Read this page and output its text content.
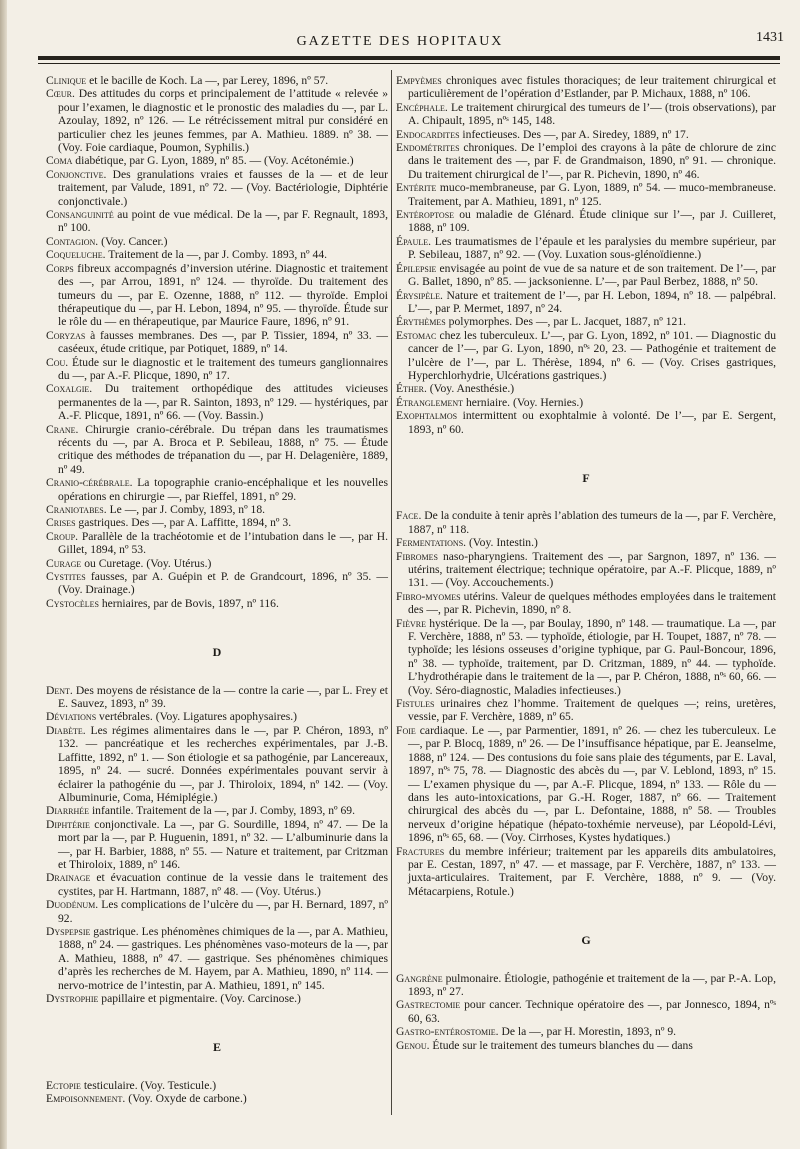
GAZETTE DES HOPITAUX	1431

Clinique et le bacille de Koch. La —, par Lerey, 1896, nº 57.

Cœur. Des attitudes du corps et principalement de l’attitude « relevée » pour l’examen, le diagnostic et le pronostic des maladies du —, par L. Azoulay, 1892, nº 126. — Le rétrécissement mitral pur considéré en particulier chez les jeunes femmes, par A. Mathieu. 1889. nº 38. — (Voy. Foie cardiaque, Poumon, Syphilis.)

Coma diabétique, par G. Lyon, 1889, nº 85. — (Voy. Acétonémie.)

Conjonctive. Des granulations vraies et fausses de la — et de leur traitement, par Valude, 1891, nº 72. — (Voy. Bactériologie, Diphtérie conjonctivale.)

Consanguinité au point de vue médical. De la —, par F. Regnault, 1893, nº 100.

Contagion. (Voy. Cancer.)

Coqueluche. Traitement de la —, par J. Comby. 1893, nº 44.

Corps fibreux accompagnés d’inversion utérine. Diagnostic et traitement des —, par Arrou, 1891, nº 124. — thyroïde. Du traitement des tumeurs du —, par E. Ozenne, 1888, nº 112. — thyroïde. Emploi thérapeutique du —, par H. Lebon, 1894, nº 95. — thyroïde. Étude sur le rôle du — en thérapeutique, par Maurice Faure, 1896, nº 91.

Coryzas à fausses membranes. Des —, par P. Tissier, 1894, nº 33. — caséeux, étude critique, par Potiquet, 1889, nº 14.

Cou. Étude sur le diagnostic et le traitement des tumeurs ganglionnaires du —, par A.-F. Plicque, 1890, nº 17.

Coxalgie. Du traitement orthopédique des attitudes vicieuses permanentes de la —, par R. Sainton, 1893, nº 129. — hystériques, par A.-F. Plicque, 1891, nº 66. — (Voy. Bassin.)

Crane. Chirurgie cranio-cérébrale. Du trépan dans les traumatismes récents du —, par A. Broca et P. Sebileau, 1888, nº 75. — Étude critique des méthodes de trépanation du —, par H. Delagenière, 1889, nº 49.

Cranio-cérébrale. La topographie cranio-encéphalique et les nouvelles opérations en chirurgie —, par Rieffel, 1891, nº 29.

Craniotabes. Le —, par J. Comby, 1893, nº 18.

Crises gastriques. Des —, par A. Laffitte, 1894, nº 3.

Croup. Parallèle de la trachéotomie et de l’intubation dans le —, par H. Gillet, 1894, nº 53.

Curage ou Curetage. (Voy. Utérus.)

Cystites fausses, par A. Guépin et P. de Grandcourt, 1896, nº 35. — (Voy. Drainage.)

Cystocèles herniaires, par de Bovis, 1897, nº 116.

D

Dent. Des moyens de résistance de la — contre la carie —, par L. Frey et E. Sauvez, 1893, nº 39.

Déviations vertébrales. (Voy. Ligatures apophysaires.)

Diabète. Les régimes alimentaires dans le —, par P. Chéron, 1893, nº 132. — pancréatique et les recherches expérimentales, par J.-B. Laffitte, 1892, nº 1. — Son étiologie et sa pathogénie, par Lancereaux, 1895, nº 24. — sucré. Données expérimentales pouvant servir à éclairer la pathogénie du —, par J. Thiroloix, 1894, nº 142. — (Voy. Albuminurie, Coma, Hémiplégie.)

Diarrhée infantile. Traitement de la —, par J. Comby, 1893, nº 69.

Diphtérie conjonctivale. La —, par G. Sourdille, 1894, nº 47. — De la mort par la —, par P. Huguenin, 1891, nº 32. — L’albuminurie dans la —, par H. Barbier, 1888, nº 55. — Nature et traitement, par Critzman et Thiroloix, 1889, nº 146.

Drainage et évacuation continue de la vessie dans le traitement des cystites, par H. Hartmann, 1887, nº 48. — (Voy. Utérus.)

Duodénum. Les complications de l’ulcère du —, par H. Bernard, 1897, nº 92.

Dyspepsie gastrique. Les phénomènes chimiques de la —, par A. Mathieu, 1888, nº 24. — gastriques. Les phénomènes vaso-moteurs de la —, par A. Mathieu, 1888, nº 47. — gastrique. Ses phénomènes chimiques d’après les recherches de M. Hayem, par A. Mathieu, 1890, nº 114. — nervo-motrice de l’intestin, par A. Mathieu, 1891, nº 145.

Dystrophie papillaire et pigmentaire. (Voy. Carcinose.)

E

Ectopie testiculaire. (Voy. Testicule.)

Empoisonnement. (Voy. Oxyde de carbone.)

Empyèmes chroniques avec fistules thoraciques; de leur traitement chirurgical et particulièrement de l’opération d’Estlander, par P. Michaux, 1888, nº 106.

Encéphale. Le traitement chirurgical des tumeurs de l’— (trois observations), par A. Chipault, 1895, nºˢ 145, 148.

Endocardites infectieuses. Des —, par A. Siredey, 1889, nº 17.

Endométrites chroniques. De l’emploi des crayons à la pâte de chlorure de zinc dans le traitement des —, par F. de Grandmaison, 1890, nº 91. — chronique. Du traitement chirurgical de l’—, par R. Pichevin, 1890, nº 46.

Entérite muco-membraneuse, par G. Lyon, 1889, nº 54. — muco-membraneuse. Traitement, par A. Mathieu, 1891, nº 125.

Entéroptose ou maladie de Glénard. Étude clinique sur l’—, par J. Cuilleret, 1888, nº 109.

Épaule. Les traumatismes de l’épaule et les paralysies du membre supérieur, par P. Sebileau, 1887, nº 92. — (Voy. Luxation sous-glénoïdienne.)

Épilepsie envisagée au point de vue de sa nature et de son traitement. De l’—, par G. Ballet, 1890, nº 85. — jacksonienne. L’—, par Paul Berbez, 1888, nº 50.

Érysipèle. Nature et traitement de l’—, par H. Lebon, 1894, nº 18. — palpébral. L’—, par P. Mermet, 1897, nº 24.

Érythèmes polymorphes. Des —, par L. Jacquet, 1887, nº 121.

Estomac chez les tuberculeux. L’—, par G. Lyon, 1892, nº 101. — Diagnostic du cancer de l’—, par G. Lyon, 1890, nºˢ 20, 23. — Pathogénie et traitement de l’ulcère de l’—, par L. Thérèse, 1894, nº 6. — (Voy. Crises gastriques, Hyperchlorhydrie, Ulcérations gastriques.)

Éther. (Voy. Anesthésie.)

Étranglement herniaire. (Voy. Hernies.)

Exophtalmos intermittent ou exophtalmie à volonté. De l’—, par E. Sergent, 1893, nº 60.

F

Face. De la conduite à tenir après l’ablation des tumeurs de la —, par F. Verchère, 1887, nº 118.

Fermentations. (Voy. Intestin.)

Fibromes naso-pharyngiens. Traitement des —, par Sargnon, 1897, nº 136. — utérins, traitement électrique; technique opératoire, par A.-F. Plicque, 1889, nº 131. — (Voy. Accouchements.)

Fibro-myomes utérins. Valeur de quelques méthodes employées dans le traitement des —, par R. Pichevin, 1890, nº 8.

Fièvre hystérique. De la —, par Boulay, 1890, nº 148. — traumatique. La —, par F. Verchère, 1888, nº 53. — typhoïde, étiologie, par H. Toupet, 1887, nº 78. — typhoïde; les lésions osseuses d’origine typhique, par G. Paul-Boncour, 1896, nº 38. — typhoïde, traitement, par D. Critzman, 1889, nº 44. — typhoïde. L’hydrothérapie dans le traitement de la —, par P. Chéron, 1888, nºˢ 60, 66. — (Voy. Séro-diagnostic, Maladies infectieuses.)

Fistules urinaires chez l’homme. Traitement de quelques —; reins, uretères, vessie, par F. Verchère, 1889, nº 65.

Foie cardiaque. Le —, par Parmentier, 1891, nº 26. — chez les tuberculeux. Le —, par P. Blocq, 1889, nº 26. — De l’insuffisance hépatique, par E. Jeanselme, 1888, nº 124. — Des contusions du foie sans plaie des téguments, par E. Laval, 1897, nºˢ 75, 78. — Diagnostic des abcès du —, par V. Leblond, 1893, nº 15. — L’examen physique du —, par A.-F. Plicque, 1894, nº 133. — Rôle du — dans les auto-intoxications, par G.-H. Roger, 1887, nº 66. — Traitement chirurgical des abcès du —, par L. Defontaine, 1888, nº 58. — Troubles nerveux d’origine hépatique (hépato-toxhémie nerveuse), par Léopold-Lévi, 1896, nºˢ 65, 68. — (Voy. Cirrhoses, Kystes hydatiques.)

Fractures du membre inférieur; traitement par les appareils dits ambulatoires, par E. Cestan, 1897, nº 47. — et massage, par F. Verchère, 1887, nº 133. — juxta-articulaires. Traitement, par F. Verchère, 1888, nº 9. — (Voy. Métacarpiens, Rotule.)

G

Gangrène pulmonaire. Étiologie, pathogénie et traitement de la —, par P.-A. Lop, 1893, nº 27.

Gastrectomie pour cancer. Technique opératoire des —, par Jonnesco, 1894, nºˢ 60, 63.

Gastro-entérostomie. De la —, par H. Morestin, 1893, nº 9.

Genou. Étude sur le traitement des tumeurs blanches du — dans
